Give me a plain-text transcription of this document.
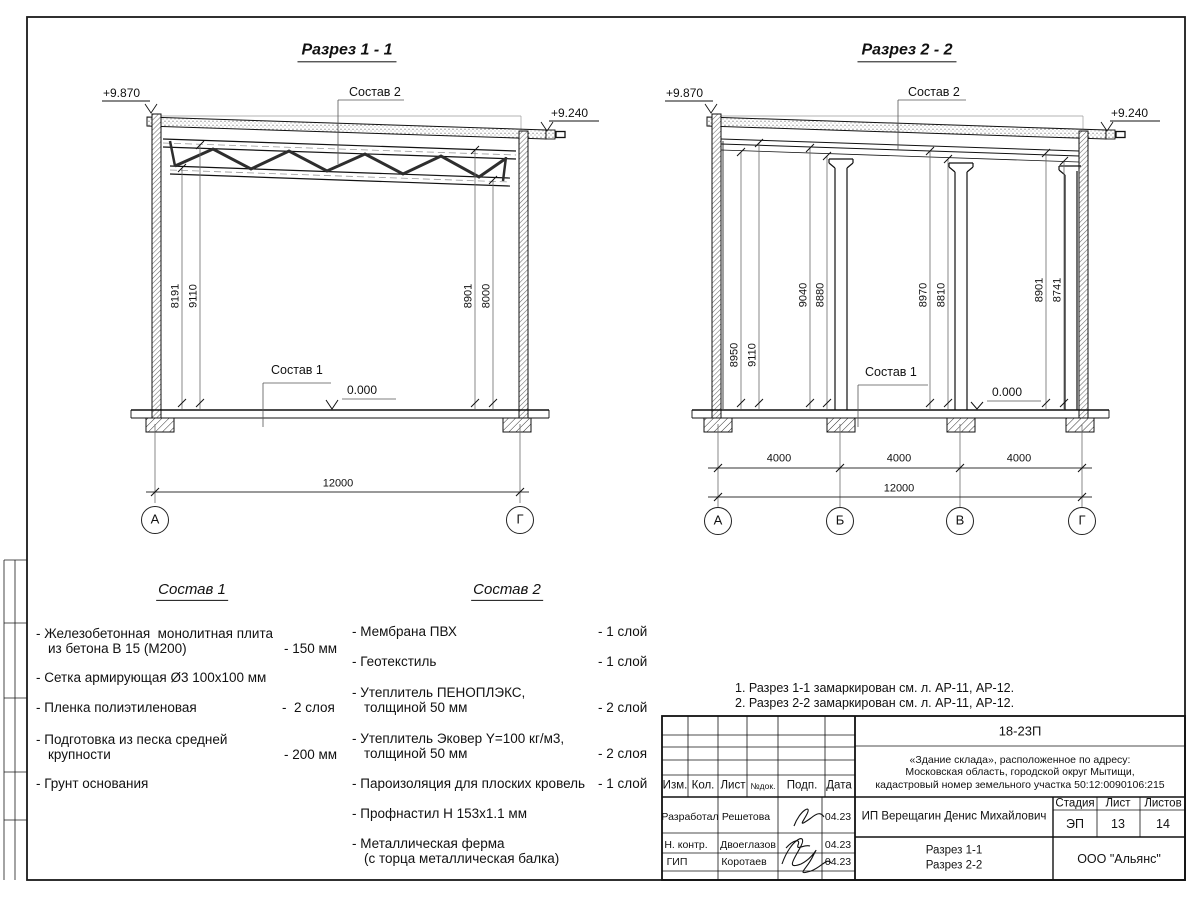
Разрез 1 - 1
+9.870
+9.240
Состав 2
Состав 1
0.000
8191 9110	8901 8000
12000
А	Г
Разрез 2 - 2
+9.870
+9.240
Состав 2
Состав 1
0.000
8950 9110
9040 8880	8970 8810	8901 8741
4000	4000	4000
12000
А	Б	В	Г
Состав 1
- Железобетонная  монолитная плита
из бетона В 15 (М200)	- 150 мм
- Сетка армирующая Ø3 100х100 мм
- Пленка полиэтиленовая	-  2 слоя
- Подготовка из песка средней
крупности	- 200 мм
- Грунт основания
Состав 2
- Мембрана ПВХ	- 1 слой
- Геотекстиль	- 1 слой
- Утеплитель ПЕНОПЛЭКС,
толщиной 50 мм	- 2 слой
- Утеплитель Эковер Y=100 кг/м3,
толщиной 50 мм	- 2 слоя
- Пароизоляция для плоских кровель - 1 слой
- Профнастил Н 153х1.1 мм
- Металлическая ферма
(с торца металлическая балка)
1. Разрез 1-1 замаркирован см. л. АР-11, АР-12.
2. Разрез 2-2 замаркирован см. л. АР-11, АР-12.
18-23П
«Здание склада», расположенное по адресу:
Московская область, городской округ Мытищи,
кадастровый номер земельного участка 50:12:0090106:215
Изм. Кол. Лист №док. Подп. Дата
Разработал Решетова	04.23
Н. контр. Двоеглазов	04.23
ГИП	Коротаев	04.23
ИП Верещагин Денис Михайлович
Стадия Лист Листов
ЭП 13 14
Разрез 1-1
Разрез 2-2	ООО "Альянс"
